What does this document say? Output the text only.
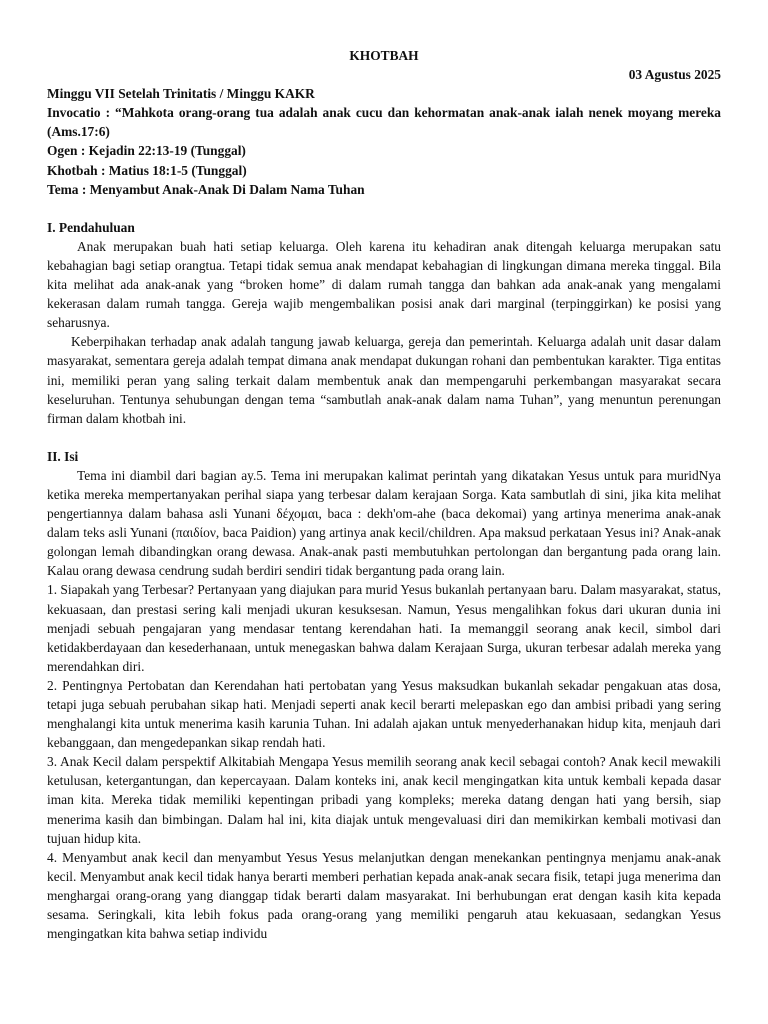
KHOTBAH

03 Agustus 2025

Minggu VII Setelah Trinitatis / Minggu KAKR

Invocatio : “Mahkota orang-orang tua adalah anak cucu dan kehormatan anak-anak ialah nenek moyang mereka (Ams.17:6)

Ogen : Kejadin 22:13-19 (Tunggal)

Khotbah : Matius 18:1-5 (Tunggal)

Tema : Menyambut Anak-Anak Di Dalam Nama Tuhan

I. Pendahuluan

Anak merupakan buah hati setiap keluarga. Oleh karena itu kehadiran anak ditengah keluarga merupakan satu kebahagian bagi setiap orangtua. Tetapi tidak semua anak mendapat kebahagian di lingkungan dimana mereka tinggal. Bila kita melihat ada anak-anak yang “broken home” di dalam rumah tangga dan bahkan ada anak-anak yang mengalami kekerasan dalam rumah tangga. Gereja wajib mengembalikan posisi anak dari marginal (terpinggirkan) ke posisi yang seharusnya.

Keberpihakan terhadap anak adalah tangung jawab keluarga, gereja dan pemerintah. Keluarga adalah unit dasar dalam masyarakat, sementara gereja adalah tempat dimana anak mendapat dukungan rohani dan pembentukan karakter. Tiga entitas ini, memiliki peran yang saling terkait dalam membentuk anak dan mempengaruhi perkembangan masyarakat secara keseluruhan. Tentunya sehubungan dengan tema “sambutlah anak-anak dalam nama Tuhan”, yang menuntun perenungan firman dalam khotbah ini.

II. Isi

Tema ini diambil dari bagian ay.5. Tema ini merupakan kalimat perintah yang dikatakan Yesus untuk para muridNya ketika mereka mempertanyakan perihal siapa yang terbesar dalam kerajaan Sorga. Kata sambutlah di sini, jika kita melihat pengertiannya dalam bahasa asli Yunani δέχομαι, baca : dekh'om-ahe (baca dekomai) yang artinya menerima anak-anak dalam teks asli Yunani (παιδίον, baca Paidion) yang artinya anak kecil/children. Apa maksud perkataan Yesus ini? Anak-anak golongan lemah dibandingkan orang dewasa. Anak-anak pasti membutuhkan pertolongan dan bergantung pada orang lain. Kalau orang dewasa cendrung sudah berdiri sendiri tidak bergantung pada orang lain.

1. Siapakah yang Terbesar? Pertanyaan yang diajukan para murid Yesus bukanlah pertanyaan baru. Dalam masyarakat, status, kekuasaan, dan prestasi sering kali menjadi ukuran kesuksesan. Namun, Yesus mengalihkan fokus dari ukuran dunia ini menjadi sebuah pengajaran yang mendasar tentang kerendahan hati. Ia memanggil seorang anak kecil, simbol dari ketidakberdayaan dan kesederhanaan, untuk menegaskan bahwa dalam Kerajaan Surga, ukuran terbesar adalah mereka yang merendahkan diri.

2. Pentingnya Pertobatan dan Kerendahan hati pertobatan yang Yesus maksudkan bukanlah sekadar pengakuan atas dosa, tetapi juga sebuah perubahan sikap hati. Menjadi seperti anak kecil berarti melepaskan ego dan ambisi pribadi yang sering menghalangi kita untuk menerima kasih karunia Tuhan. Ini adalah ajakan untuk menyederhanakan hidup kita, menjauh dari kebanggaan, dan mengedepankan sikap rendah hati.

3. Anak Kecil dalam perspektif Alkitabiah Mengapa Yesus memilih seorang anak kecil sebagai contoh? Anak kecil mewakili ketulusan, ketergantungan, dan kepercayaan. Dalam konteks ini, anak kecil mengingatkan kita untuk kembali kepada dasar iman kita. Mereka tidak memiliki kepentingan pribadi yang kompleks; mereka datang dengan hati yang bersih, siap menerima kasih dan bimbingan. Dalam hal ini, kita diajak untuk mengevaluasi diri dan memikirkan kembali motivasi dan tujuan hidup kita.

4. Menyambut anak kecil dan menyambut Yesus Yesus melanjutkan dengan menekankan pentingnya menjamu anak-anak kecil. Menyambut anak kecil tidak hanya berarti memberi perhatian kepada anak-anak secara fisik, tetapi juga menerima dan menghargai orang-orang yang dianggap tidak berarti dalam masyarakat. Ini berhubungan erat dengan kasih kita kepada sesama. Seringkali, kita lebih fokus pada orang-orang yang memiliki pengaruh atau kekuasaan, sedangkan Yesus mengingatkan kita bahwa setiap individu
